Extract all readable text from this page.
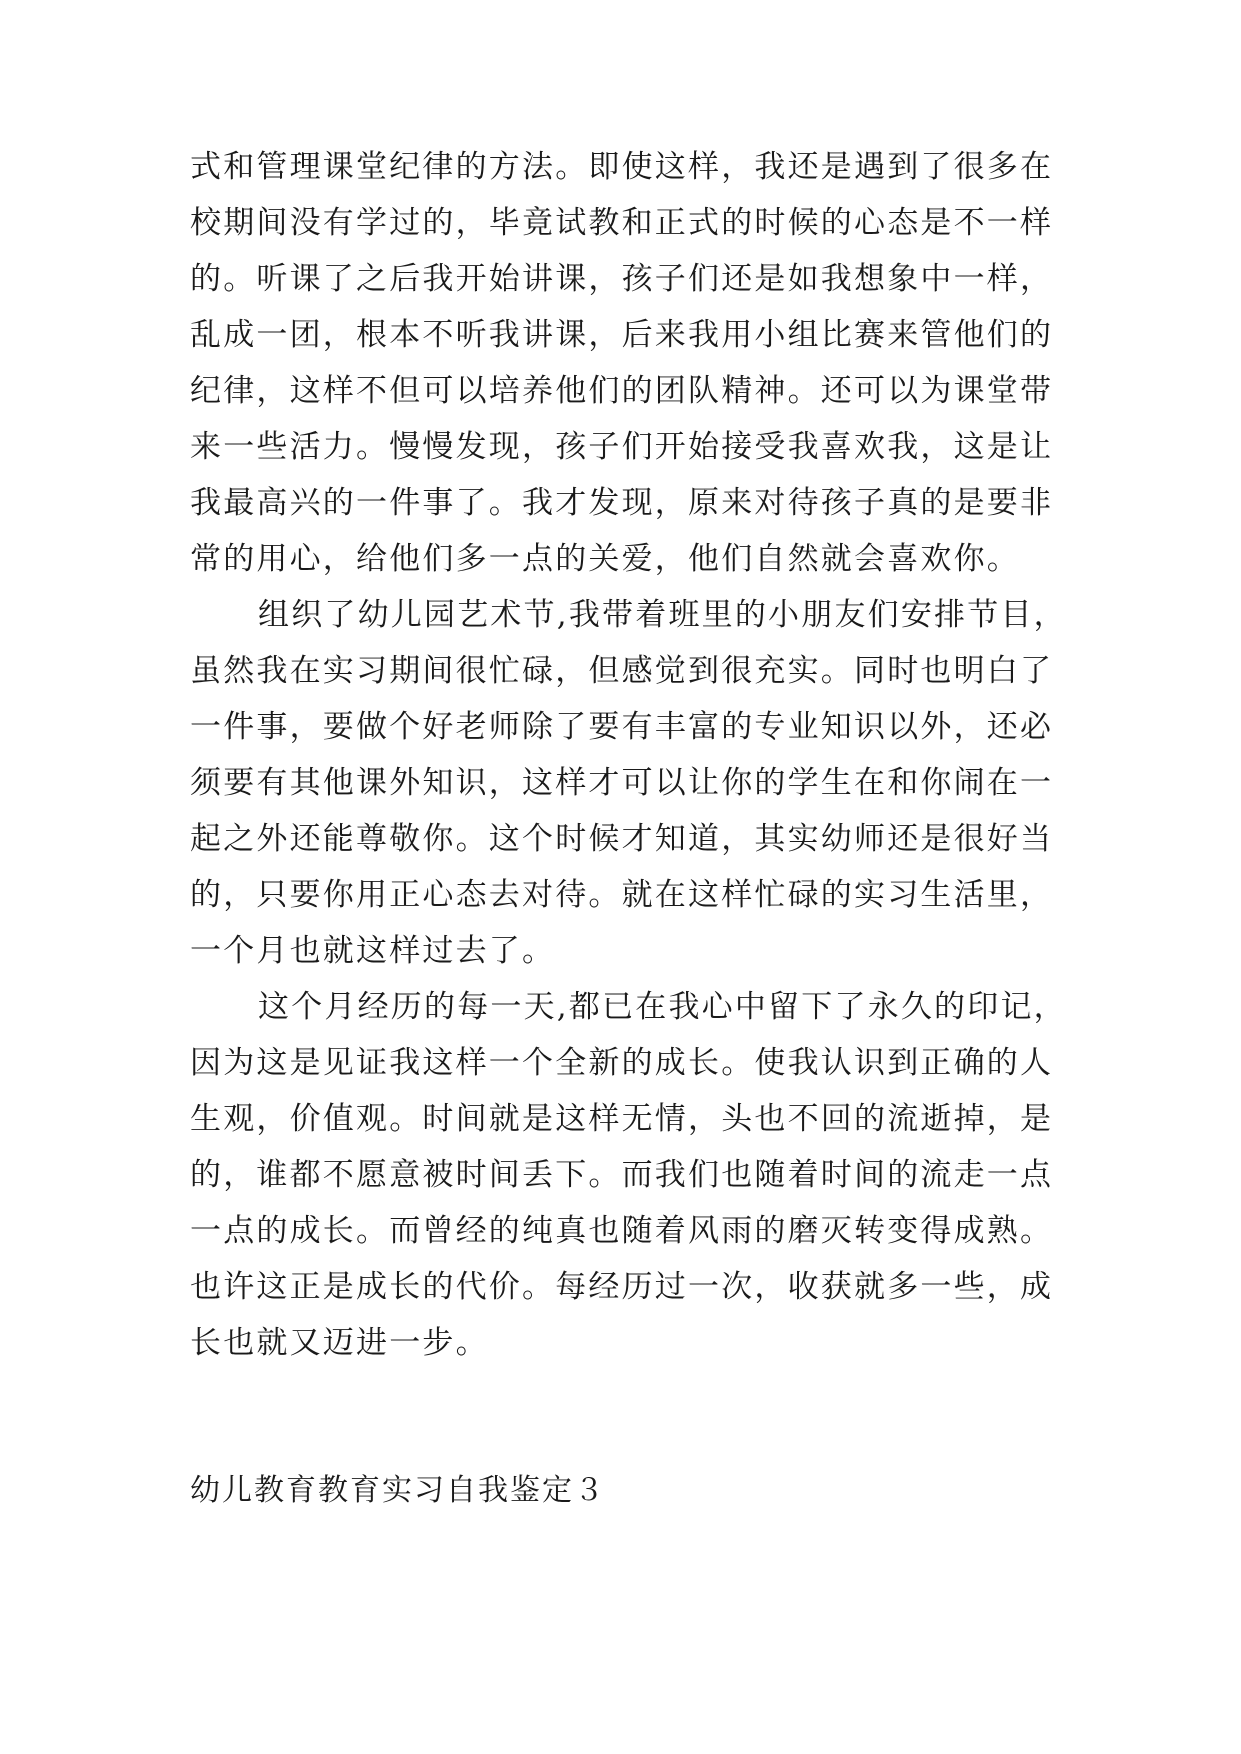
式和管理课堂纪律的方法。即使这样，我还是遇到了很多在
校期间没有学过的，毕竟试教和正式的时候的心态是不一样
的。听课了之后我开始讲课，孩子们还是如我想象中一样，
乱成一团，根本不听我讲课，后来我用小组比赛来管他们的
纪律，这样不但可以培养他们的团队精神。还可以为课堂带
来一些活力。慢慢发现，孩子们开始接受我喜欢我，这是让
我最高兴的一件事了。我才发现，原来对待孩子真的是要非
常的用心，给他们多一点的关爱，他们自然就会喜欢你。
组织了幼儿园艺术节,我带着班里的小朋友们安排节目，
虽然我在实习期间很忙碌，但感觉到很充实。同时也明白了
一件事，要做个好老师除了要有丰富的专业知识以外，还必
须要有其他课外知识，这样才可以让你的学生在和你闹在一
起之外还能尊敬你。这个时候才知道，其实幼师还是很好当
的，只要你用正心态去对待。就在这样忙碌的实习生活里，
一个月也就这样过去了。
这个月经历的每一天,都已在我心中留下了永久的印记，
因为这是见证我这样一个全新的成长。使我认识到正确的人
生观，价值观。时间就是这样无情，头也不回的流逝掉，是
的，谁都不愿意被时间丢下。而我们也随着时间的流走一点
一点的成长。而曾经的纯真也随着风雨的磨灭转变得成熟。
也许这正是成长的代价。每经历过一次，收获就多一些，成
长也就又迈进一步。
幼儿教育教育实习自我鉴定３
